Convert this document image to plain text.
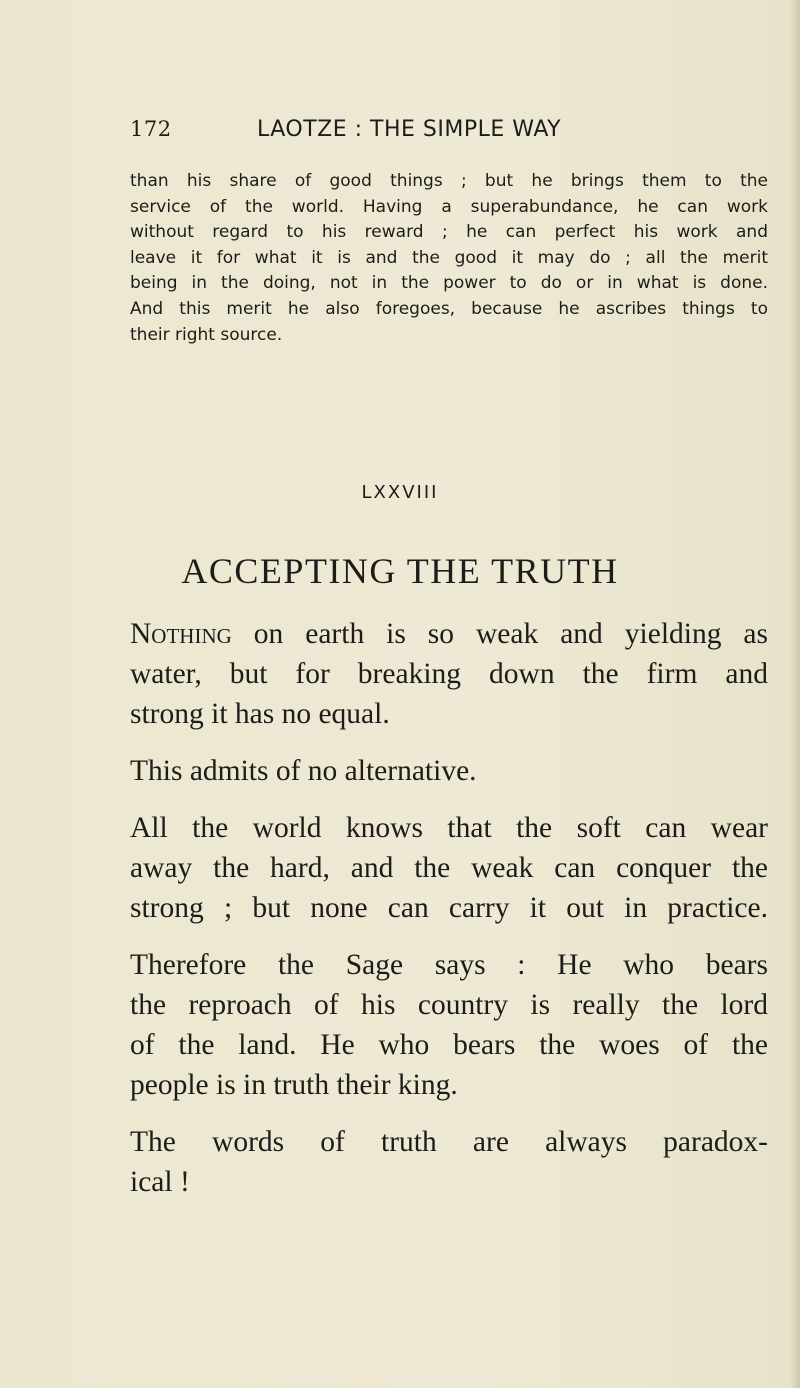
172	LAOTZE : THE SIMPLE WAY
than his share of good things ; but he brings them to the
service of the world. Having a superabundance, he can work
without regard to his reward ; he can perfect his work and
leave it for what it is and the good it may do ; all the merit
being in the doing, not in the power to do or in what is done.
And this merit he also foregoes, because he ascribes things to
their right source.
LXXVIII
ACCEPTING THE TRUTH
Nothing on earth is so weak and yielding as
water, but for breaking down the firm and
strong it has no equal.
This admits of no alternative.
All the world knows that the soft can wear
away the hard, and the weak can conquer the
strong ; but none can carry it out in practice.
Therefore the Sage says : He who bears
the reproach of his country is really the lord
of the land. He who bears the woes of the
people is in truth their king.
The words of truth are always paradox-
ical !
